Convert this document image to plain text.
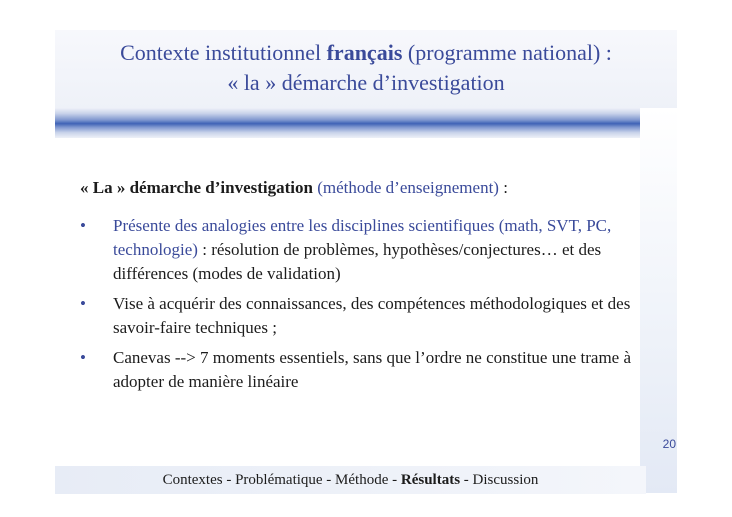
Contexte institutionnel français (programme national) :
« la » démarche d’investigation
« La » démarche d’investigation (méthode d’enseignement) :
• Présente des analogies entre les disciplines scientifiques (math, SVT, PC, technologie) : résolution de problèmes, hypothèses/conjectures… et des différences (modes de validation)
• Vise à acquérir des connaissances, des compétences méthodologiques et des savoir-faire techniques ;
• Canevas --> 7 moments essentiels, sans que l’ordre ne constitue une trame à adopter de manière linéaire
20
Contextes - Problématique - Méthode - Résultats - Discussion
